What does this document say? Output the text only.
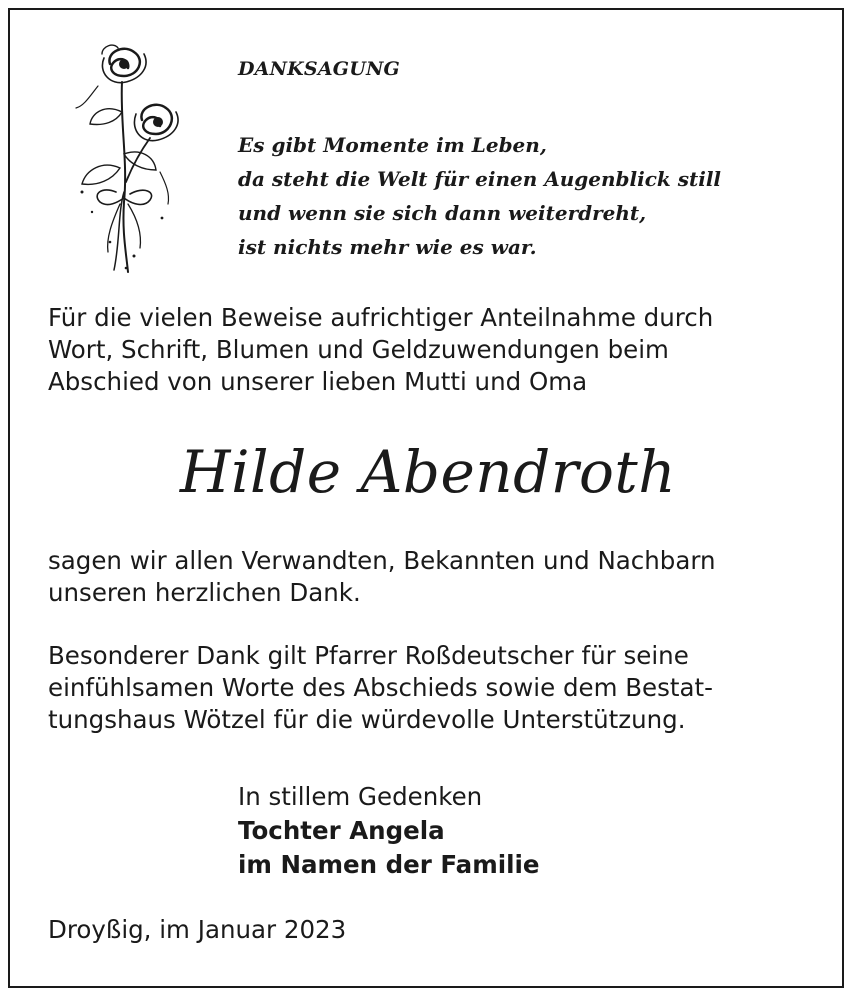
DANKSAGUNG
Es gibt Momente im Leben,
da steht die Welt für einen Augenblick still
und wenn sie sich dann weiterdreht,
ist nichts mehr wie es war.
Für die vielen Beweise aufrichtiger Anteilnahme durch
Wort, Schrift, Blumen und Geldzuwendungen beim
Abschied von unserer lieben Mutti und Oma
Hilde Abendroth
sagen wir allen Verwandten, Bekannten und Nachbarn
unseren herzlichen Dank.
Besonderer Dank gilt Pfarrer Roßdeutscher für seine
einfühlsamen Worte des Abschieds sowie dem Bestat-
tungshaus Wötzel für die würdevolle Unterstützung.
In stillem Gedenken
Tochter Angela
im Namen der Familie
Droyßig, im Januar 2023
